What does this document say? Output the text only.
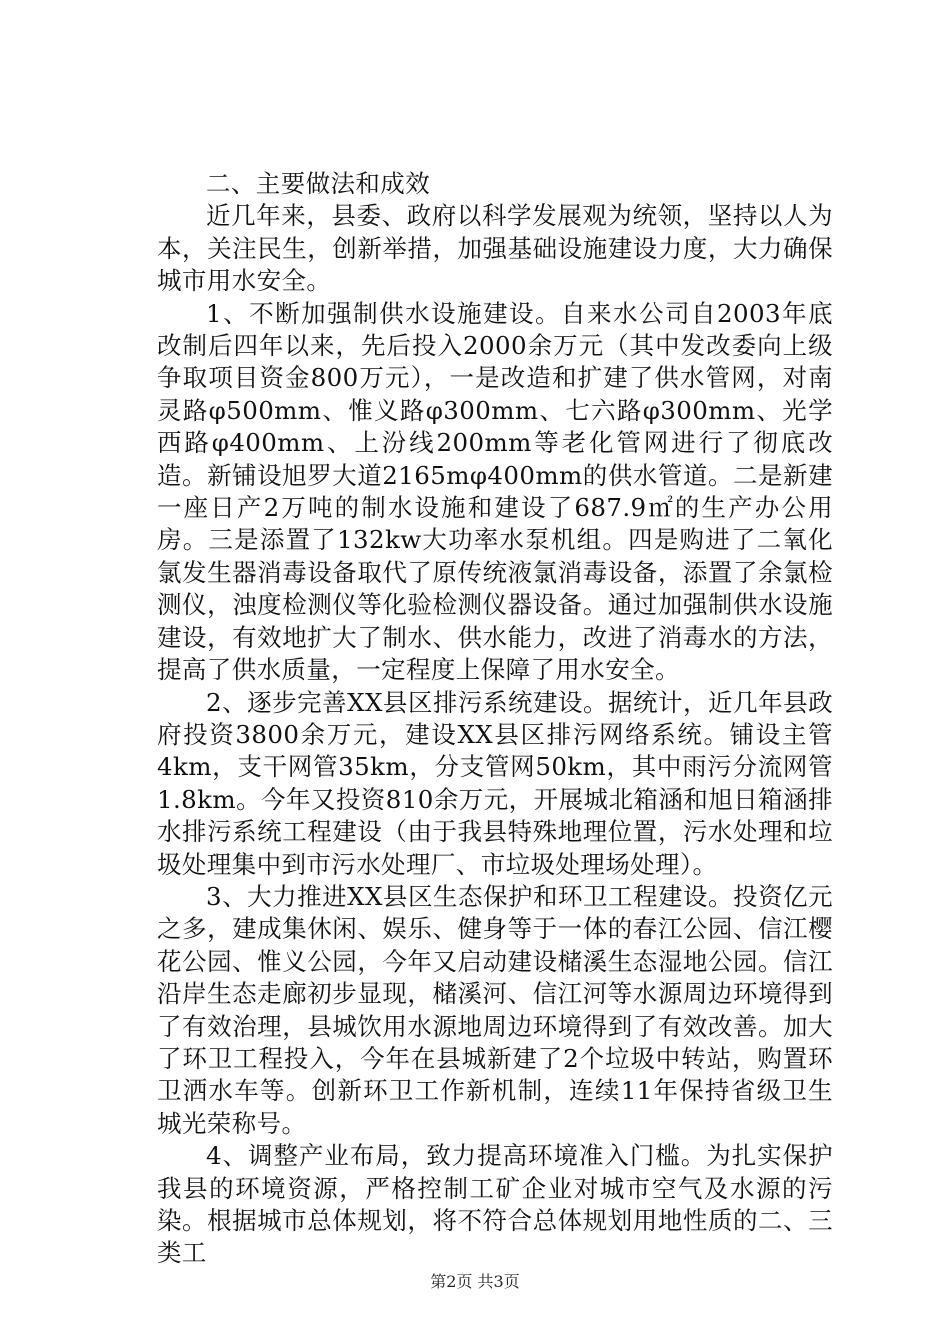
二、主要做法和成效

近几年来，县委、政府以科学发展观为统领，坚持以人为本，关注民生，创新举措，加强基础设施建设力度，大力确保城市用水安全。

1、不断加强制供水设施建设。自来水公司自2003年底改制后四年以来，先后投入2000余万元（其中发改委向上级争取项目资金800万元），一是改造和扩建了供水管网，对南灵路φ500mm、惟义路φ300mm、七六路φ300mm、光学西路φ400mm、上汾线200mm等老化管网进行了彻底改造。新铺设旭罗大道2165mφ400mm的供水管道。二是新建一座日产2万吨的制水设施和建设了687.9㎡的生产办公用房。三是添置了132kw大功率水泵机组。四是购进了二氧化氯发生器消毒设备取代了原传统液氯消毒设备，添置了余氯检测仪，浊度检测仪等化验检测仪器设备。通过加强制供水设施建设，有效地扩大了制水、供水能力，改进了消毒水的方法，提高了供水质量，一定程度上保障了用水安全。

2、逐步完善XX县区排污系统建设。据统计，近几年县政府投资3800余万元，建设XX县区排污网络系统。铺设主管4km，支干网管35km，分支管网50km，其中雨污分流网管1.8km。今年又投资810余万元，开展城北箱涵和旭日箱涵排水排污系统工程建设（由于我县特殊地理位置，污水处理和垃圾处理集中到市污水处理厂、市垃圾处理场处理）。

3、大力推进XX县区生态保护和环卫工程建设。投资亿元之多，建成集休闲、娱乐、健身等于一体的春江公园、信江樱花公园、惟义公园，今年又启动建设槠溪生态湿地公园。信江沿岸生态走廊初步显现，槠溪河、信江河等水源周边环境得到了有效治理，县城饮用水源地周边环境得到了有效改善。加大了环卫工程投入，今年在县城新建了2个垃圾中转站，购置环卫洒水车等。创新环卫工作新机制，连续11年保持省级卫生城光荣称号。

4、调整产业布局，致力提高环境准入门槛。为扎实保护我县的环境资源，严格控制工矿企业对城市空气及水源的污染。根据城市总体规划，将不符合总体规划用地性质的二、三类工

第2页 共3页
